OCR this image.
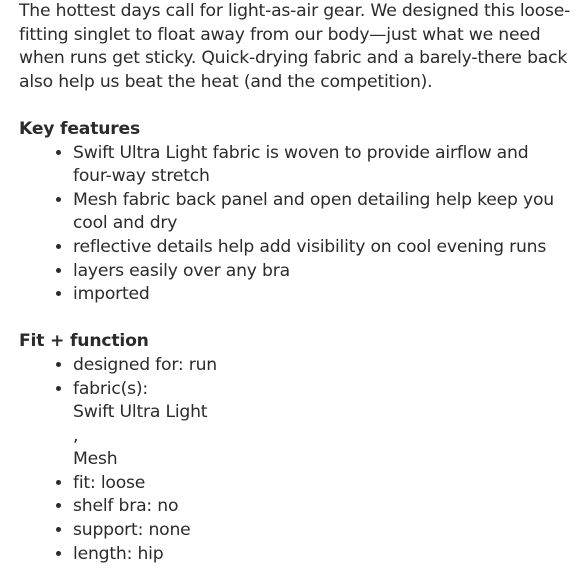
The hottest days call for light-as-air gear. We designed this loose-fitting singlet to float away from our body—just what we need when runs get sticky. Quick-drying fabric and a barely-there back also help us beat the heat (and the competition).

Key features
• Swift Ultra Light fabric is woven to provide airflow and four-way stretch
• Mesh fabric back panel and open detailing help keep you cool and dry
• reflective details help add visibility on cool evening runs
• layers easily over any bra
• imported
Fit + function
• designed for: run
• fabric(s):
Swift Ultra Light
,
Mesh
• fit: loose
• shelf bra: no
• support: none
• length: hip
